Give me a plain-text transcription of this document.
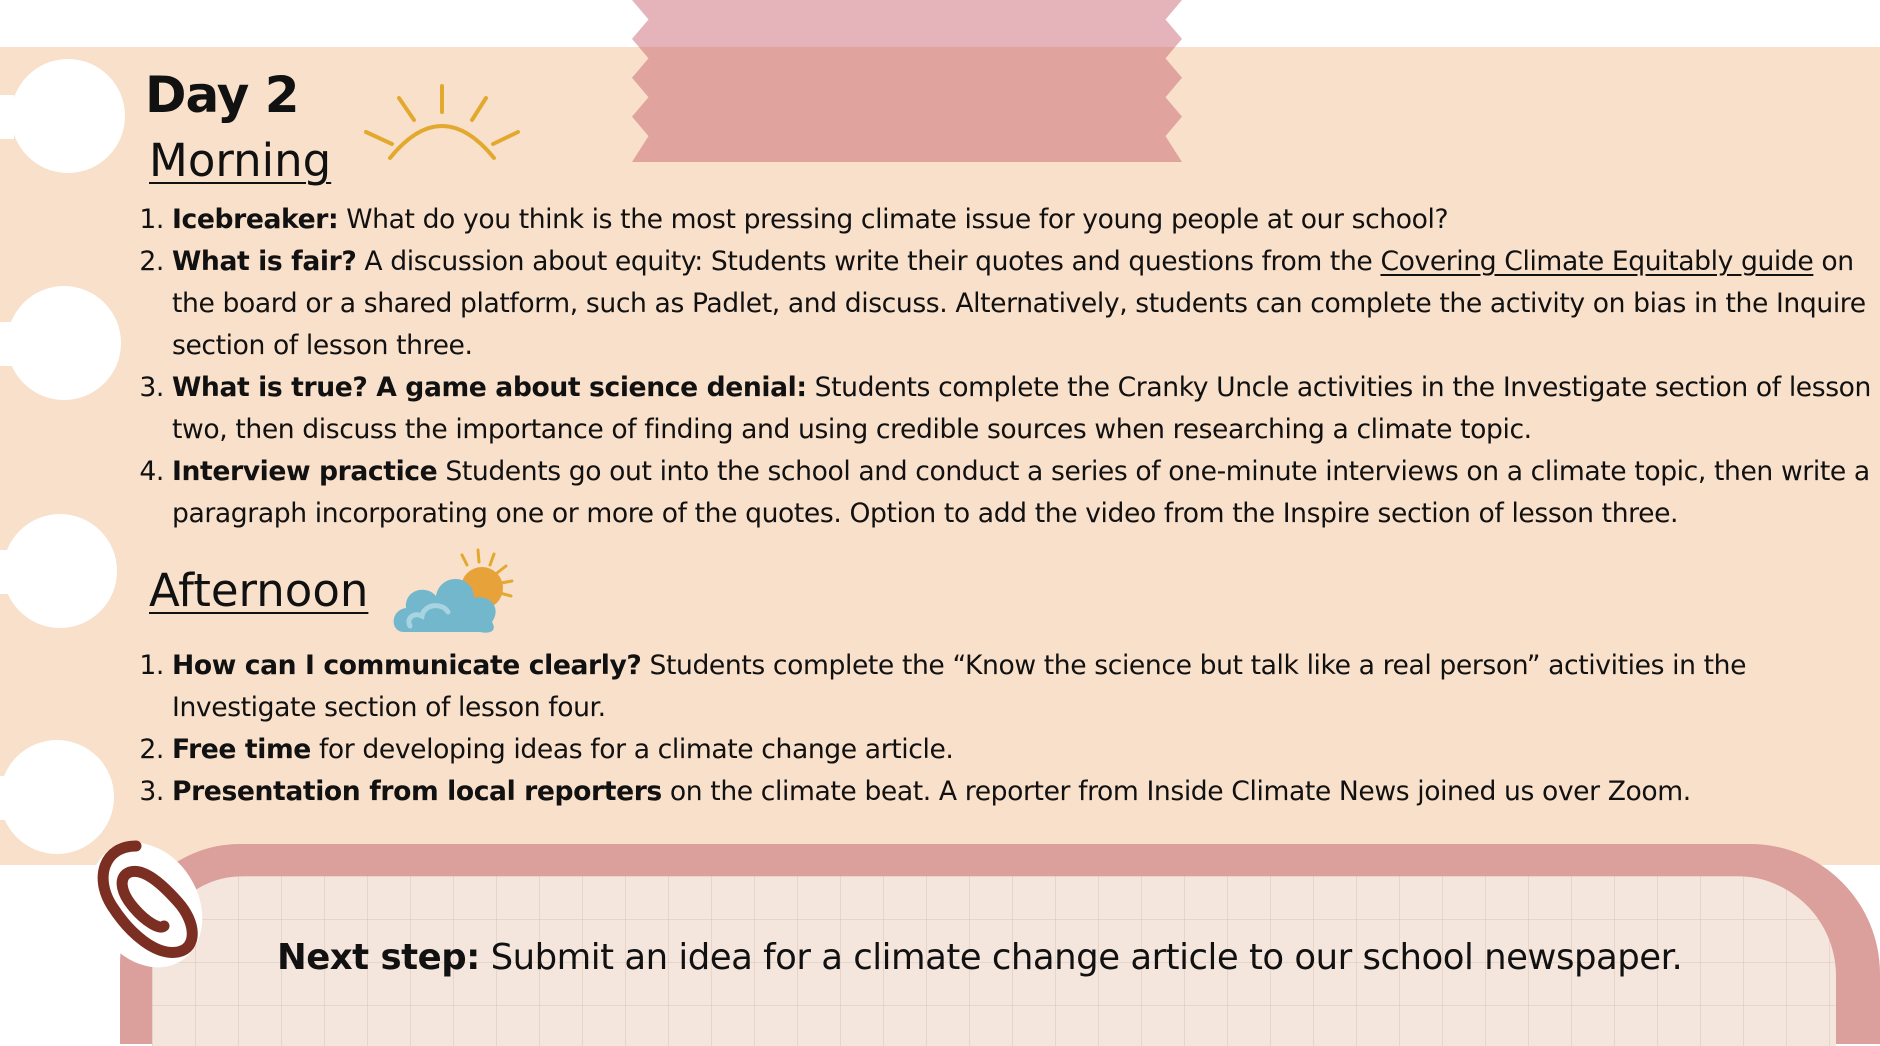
Day 2
Morning
1. Icebreaker: What do you think is the most pressing climate issue for young people at our school?
2. What is fair? A discussion about equity: Students write their quotes and questions from the Covering Climate Equitably guide on the board or a shared platform, such as Padlet, and discuss. Alternatively, students can complete the activity on bias in the Inquire section of lesson three.
3. What is true? A game about science denial: Students complete the Cranky Uncle activities in the Investigate section of lesson two, then discuss the importance of finding and using credible sources when researching a climate topic.
4. Interview practice Students go out into the school and conduct a series of one-minute interviews on a climate topic, then write a paragraph incorporating one or more of the quotes. Option to add the video from the Inspire section of lesson three.
Afternoon
1. How can I communicate clearly? Students complete the “Know the science but talk like a real person” activities in the Investigate section of lesson four.
2. Free time for developing ideas for a climate change article.
3. Presentation from local reporters on the climate beat. A reporter from Inside Climate News joined us over Zoom.

Next step: Submit an idea for a climate change article to our school newspaper.
